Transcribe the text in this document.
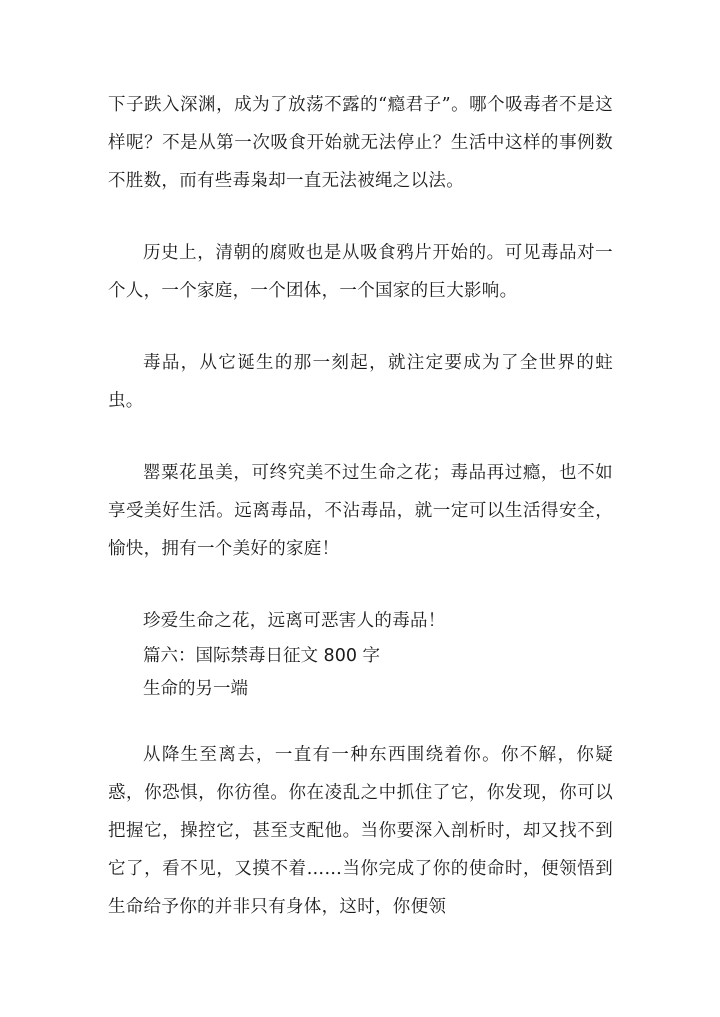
下子跌入深渊，成为了放荡不露的“瘾君子”。哪个吸毒者不是这样呢？不是从第一次吸食开始就无法停止？生活中这样的事例数不胜数，而有些毒枭却一直无法被绳之以法。

历史上，清朝的腐败也是从吸食鸦片开始的。可见毒品对一个人，一个家庭，一个团体，一个国家的巨大影响。

毒品，从它诞生的那一刻起，就注定要成为了全世界的蛀虫。

罂粟花虽美，可终究美不过生命之花；毒品再过瘾，也不如享受美好生活。远离毒品，不沾毒品，就一定可以生活得安全，愉快，拥有一个美好的家庭！

珍爱生命之花，远离可恶害人的毒品！

篇六：国际禁毒日征文 800 字
生命的另一端

从降生至离去，一直有一种东西围绕着你。你不解，你疑惑，你恐惧，你彷徨。你在凌乱之中抓住了它，你发现，你可以把握它，操控它，甚至支配他。当你要深入剖析时，却又找不到它了，看不见，又摸不着……当你完成了你的使命时，便领悟到生命给予你的并非只有身体，这时，你便领
